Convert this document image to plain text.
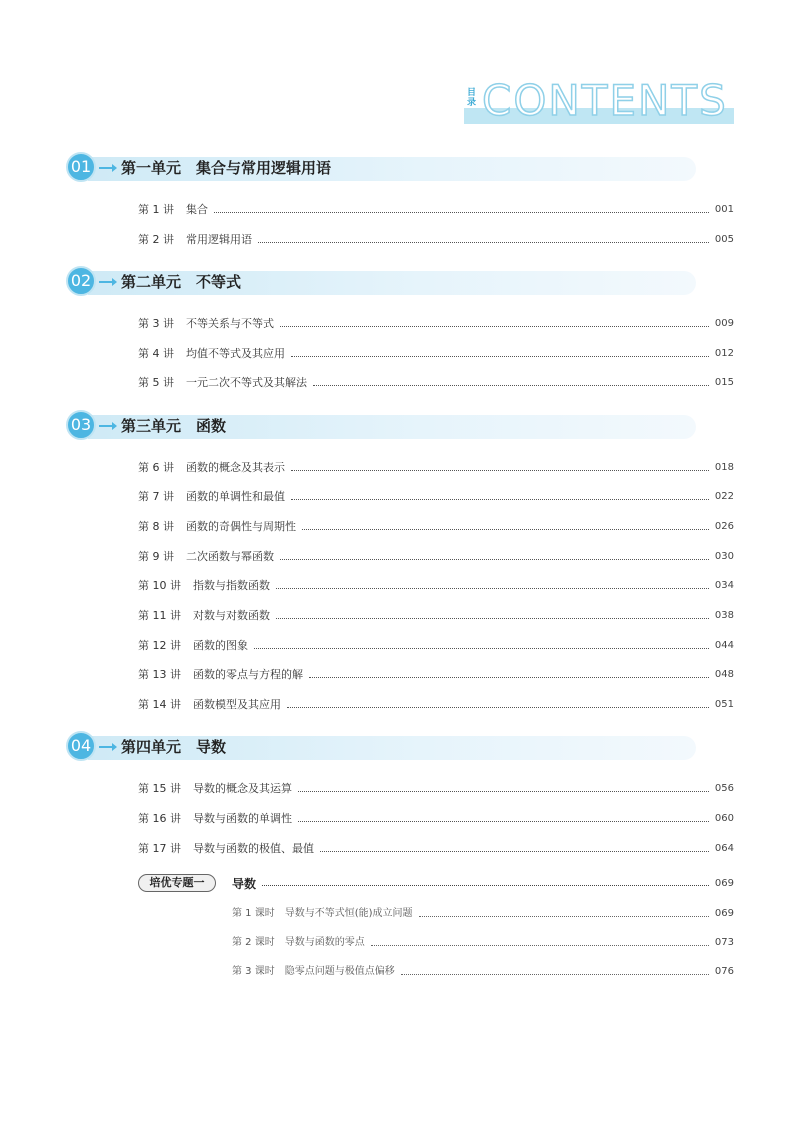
目录 CONTENTS
01	第一单元　集合与常用逻辑用语
第 1 讲 集合	001
第 2 讲 常用逻辑用语	005
02	第二单元　不等式
第 3 讲 不等关系与不等式	009
第 4 讲 均值不等式及其应用	012
第 5 讲 一元二次不等式及其解法	015
03	第三单元　函数
第 6 讲 函数的概念及其表示	018
第 7 讲 函数的单调性和最值	022
第 8 讲 函数的奇偶性与周期性	026
第 9 讲 二次函数与幂函数	030
第 10 讲 指数与指数函数	034
第 11 讲 对数与对数函数	038
第 12 讲 函数的图象	044
第 13 讲 函数的零点与方程的解	048
第 14 讲 函数模型及其应用	051
04	第四单元　导数
第 15 讲 导数的概念及其运算	056
第 16 讲 导数与函数的单调性	060
第 17 讲 导数与函数的极值、最值	064
培优专题一	导数	069
第 1 课时 导数与不等式恒(能)成立问题	069
第 2 课时 导数与函数的零点	073
第 3 课时 隐零点问题与极值点偏移	076
